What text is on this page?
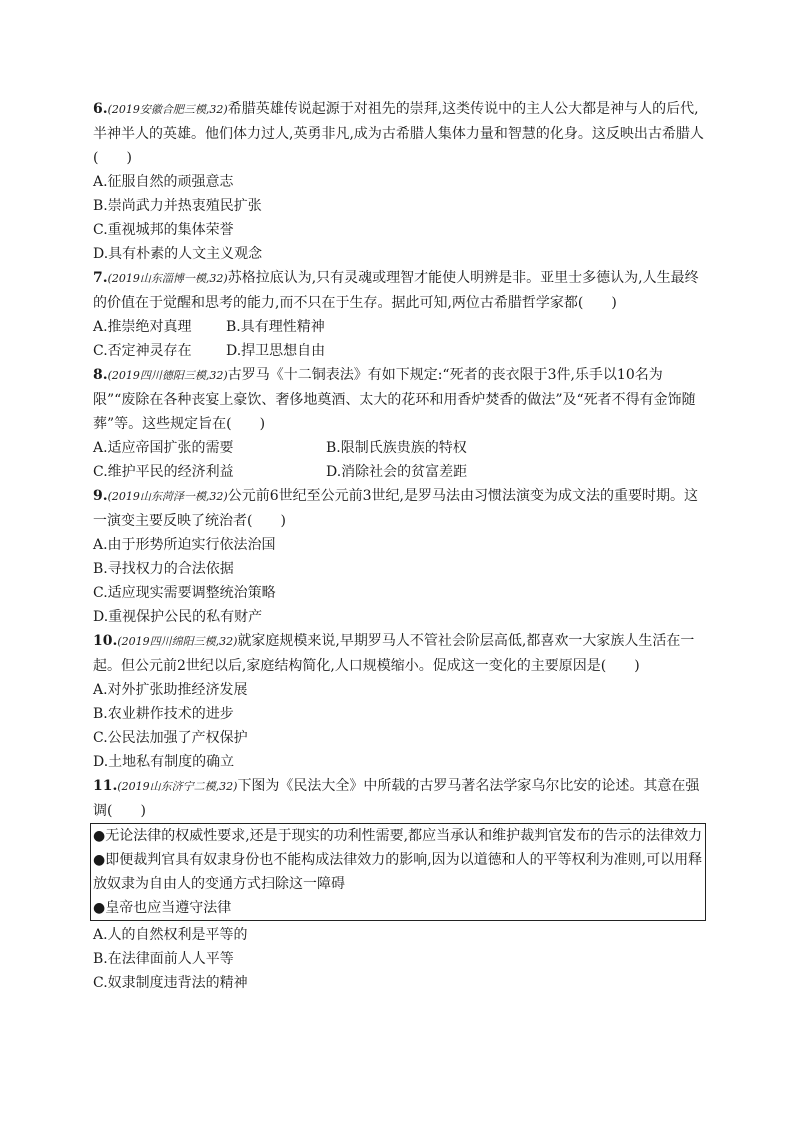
6.(2019安徽合肥三模,32)希腊英雄传说起源于对祖先的崇拜,这类传说中的主人公大都是神与人的后代,半神半人的英雄。他们体力过人,英勇非凡,成为古希腊人集体力量和智慧的化身。这反映出古希腊人(　　)
A.征服自然的顽强意志
B.崇尚武力并热衷殖民扩张
C.重视城邦的集体荣誉
D.具有朴素的人文主义观念
7.(2019山东淄博一模,32)苏格拉底认为,只有灵魂或理智才能使人明辨是非。亚里士多德认为,人生最终的价值在于觉醒和思考的能力,而不只在于生存。据此可知,两位古希腊哲学家都(　　)
A.推崇绝对真理	B.具有理性精神
C.否定神灵存在	D.捍卫思想自由
8.(2019四川德阳三模,32)古罗马《十二铜表法》有如下规定:“死者的丧衣限于3件,乐手以10名为限”“废除在各种丧宴上豪饮、奢侈地奠酒、太大的花环和用香炉焚香的做法”及“死者不得有金饰随葬”等。这些规定旨在(　　)
A.适应帝国扩张的需要	B.限制氏族贵族的特权
C.维护平民的经济利益	D.消除社会的贫富差距
9.(2019山东菏泽一模,32)公元前6世纪至公元前3世纪,是罗马法由习惯法演变为成文法的重要时期。这一演变主要反映了统治者(　　)
A.由于形势所迫实行依法治国
B.寻找权力的合法依据
C.适应现实需要调整统治策略
D.重视保护公民的私有财产
10.(2019四川绵阳三模,32)就家庭规模来说,早期罗马人不管社会阶层高低,都喜欢一大家族人生活在一起。但公元前2世纪以后,家庭结构简化,人口规模缩小。促成这一变化的主要原因是(　　)
A.对外扩张助推经济发展
B.农业耕作技术的进步
C.公民法加强了产权保护
D.土地私有制度的确立
11.(2019山东济宁二模,32)下图为《民法大全》中所载的古罗马著名法学家乌尔比安的论述。其意在强调(　　)
●无论法律的权威性要求,还是于现实的功利性需要,都应当承认和维护裁判官发布的告示的法律效力
●即便裁判官具有奴隶身份也不能构成法律效力的影响,因为以道德和人的平等权利为准则,可以用释放奴隶为自由人的变通方式扫除这一障碍
●皇帝也应当遵守法律
A.人的自然权利是平等的
B.在法律面前人人平等
C.奴隶制度违背法的精神
